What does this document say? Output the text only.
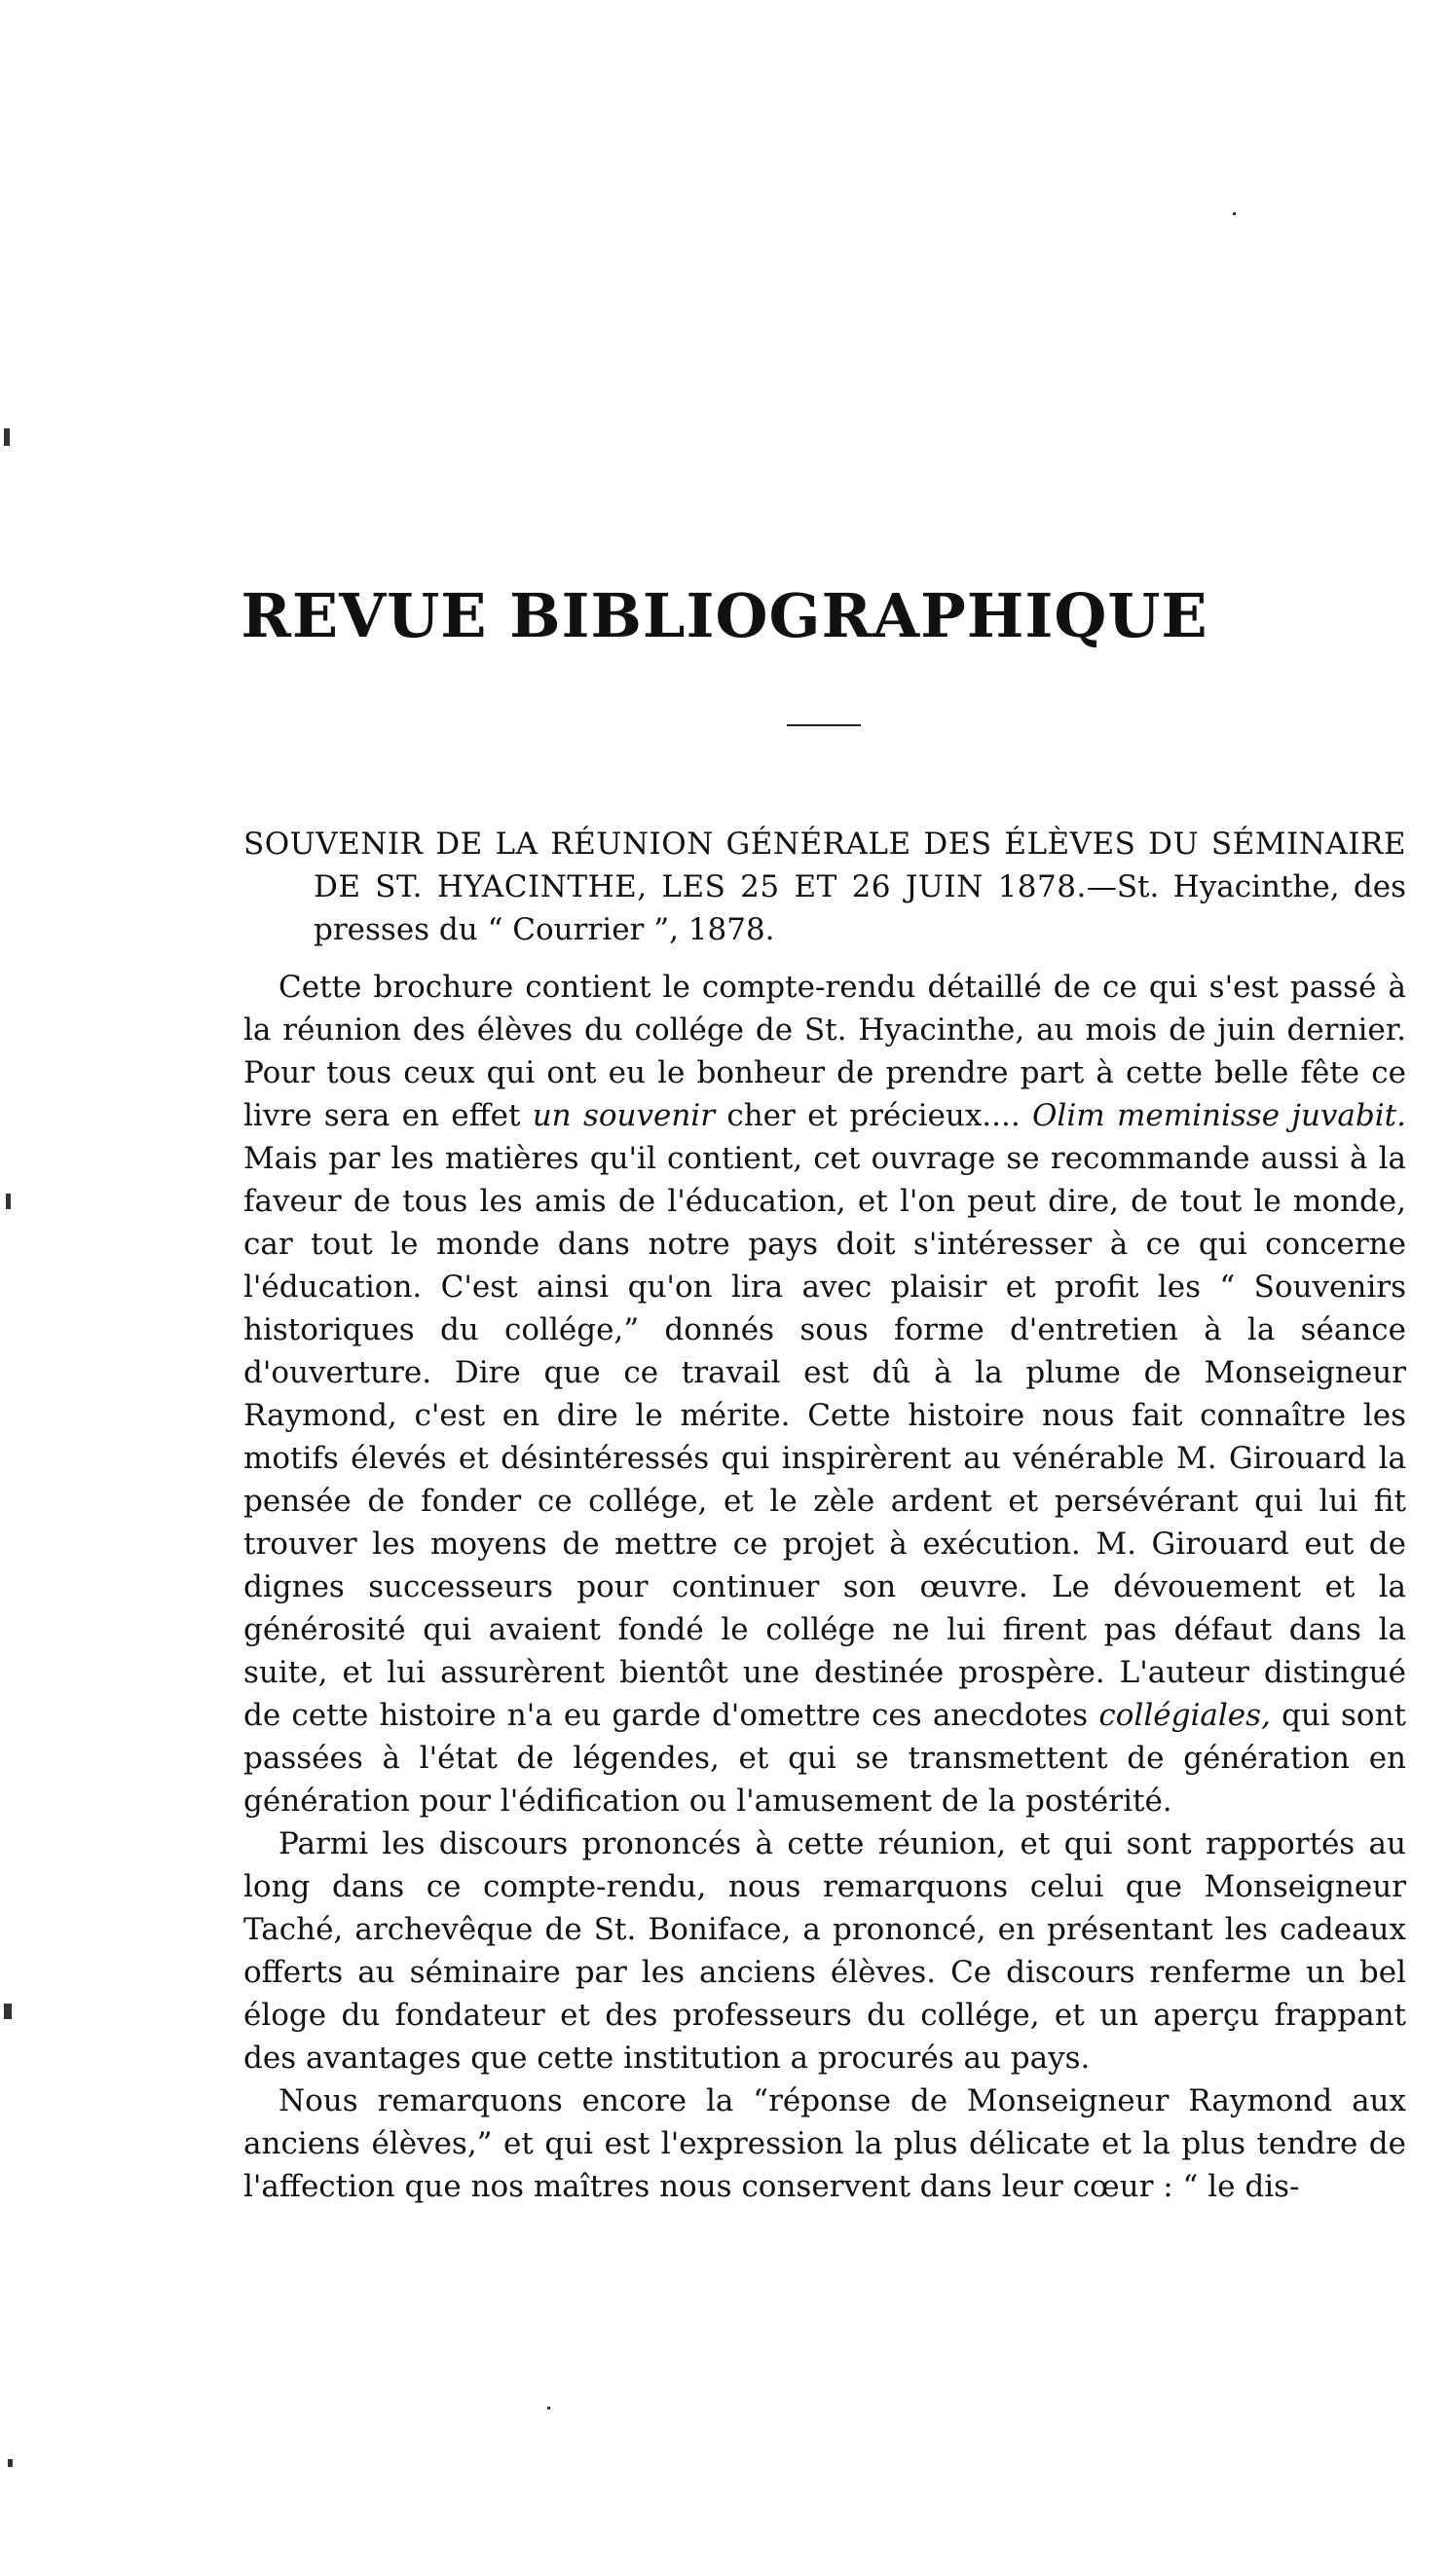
REVUE BIBLIOGRAPHIQUE

SOUVENIR DE LA RÉUNION GÉNÉRALE DES ÉLÈVES DU SÉMINAIRE DE ST. HYACINTHE, LES 25 ET 26 JUIN 1878.—St. Hyacinthe, des presses du “ Courrier ”, 1878.

Cette brochure contient le compte-rendu détaillé de ce qui s'est passé à la réunion des élèves du collége de St. Hyacinthe, au mois de juin dernier. Pour tous ceux qui ont eu le bonheur de prendre part à cette belle fête ce livre sera en effet un souvenir cher et précieux.... Olim meminisse juvabit. Mais par les matières qu'il contient, cet ouvrage se recommande aussi à la faveur de tous les amis de l'éducation, et l'on peut dire, de tout le monde, car tout le monde dans notre pays doit s'intéresser à ce qui concerne l'éducation. C'est ainsi qu'on lira avec plaisir et profit les “ Souvenirs historiques du collége,” donnés sous forme d'entretien à la séance d'ouverture. Dire que ce travail est dû à la plume de Monseigneur Raymond, c'est en dire le mérite. Cette histoire nous fait connaître les motifs élevés et désintéressés qui inspirèrent au vénérable M. Girouard la pensée de fonder ce collége, et le zèle ardent et persévérant qui lui fit trouver les moyens de mettre ce projet à exécution. M. Girouard eut de dignes successeurs pour continuer son œuvre. Le dévouement et la générosité qui avaient fondé le collége ne lui firent pas défaut dans la suite, et lui assurèrent bientôt une destinée prospère. L'auteur distingué de cette histoire n'a eu garde d'omettre ces anecdotes collégiales, qui sont passées à l'état de légendes, et qui se transmettent de génération en génération pour l'édification ou l'amusement de la postérité.

Parmi les discours prononcés à cette réunion, et qui sont rapportés au long dans ce compte-rendu, nous remarquons celui que Monseigneur Taché, archevêque de St. Boniface, a prononcé, en présentant les cadeaux offerts au séminaire par les anciens élèves. Ce discours renferme un bel éloge du fondateur et des professeurs du collége, et un aperçu frappant des avantages que cette institution a procurés au pays.

Nous remarquons encore la “réponse de Monseigneur Raymond aux anciens élèves,” et qui est l'expression la plus délicate et la plus tendre de l'affection que nos maîtres nous conservent dans leur cœur : “ le dis-
